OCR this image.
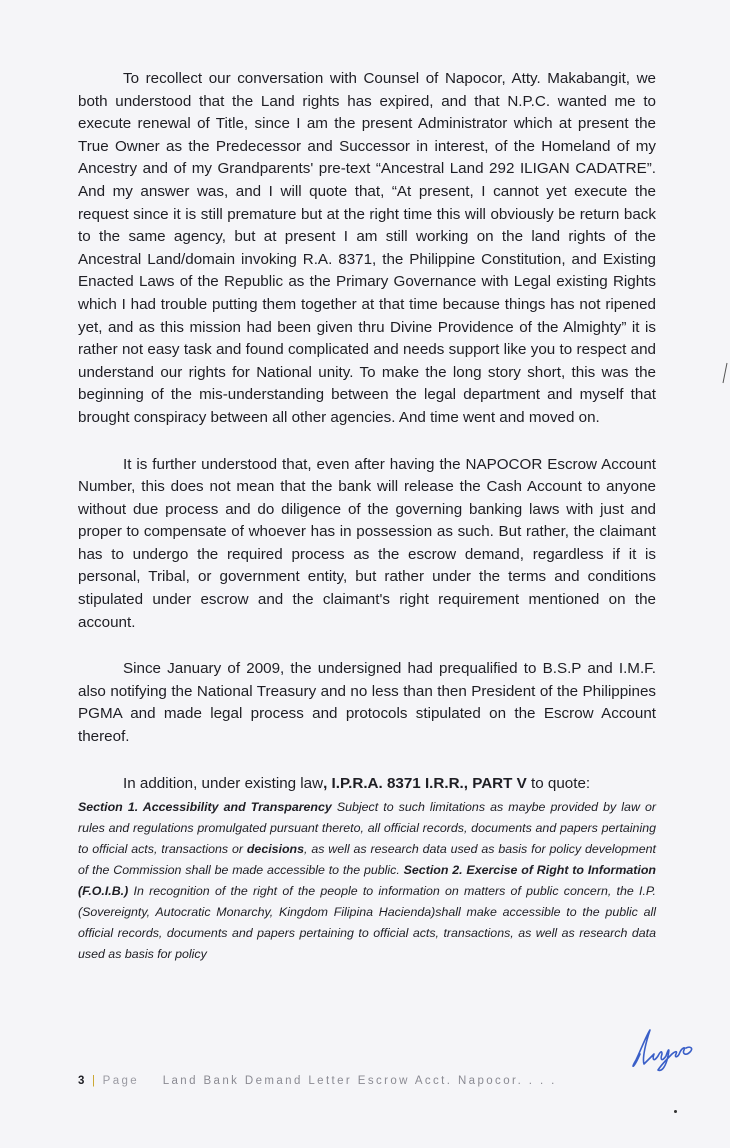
To recollect our conversation with Counsel of Napocor, Atty. Makabangit, we both understood that the Land rights has expired, and that N.P.C. wanted me to execute renewal of Title, since I am the present Administrator which at present the True Owner as the Predecessor and Successor in interest, of the Homeland of my Ancestry and of my Grandparents' pre-text “Ancestral Land 292 ILIGAN CADATRE”. And my answer was, and I will quote that, “At present, I cannot yet execute the request since it is still premature but at the right time this will obviously be return back to the same agency, but at present I am still working on the land rights of the Ancestral Land/domain invoking R.A. 8371, the Philippine Constitution, and Existing Enacted Laws of the Republic as the Primary Governance with Legal existing Rights which I had trouble putting them together at that time because things has not ripened yet, and as this mission had been given thru Divine Providence of the Almighty” it is rather not easy task and found complicated and needs support like you to respect and understand our rights for National unity. To make the long story short, this was the beginning of the mis-understanding between the legal department and myself that brought conspiracy between all other agencies. And time went and moved on.

It is further understood that, even after having the NAPOCOR Escrow Account Number, this does not mean that the bank will release the Cash Account to anyone without due process and do diligence of the governing banking laws with just and proper to compensate of whoever has in possession as such. But rather, the claimant has to undergo the required process as the escrow demand, regardless if it is personal, Tribal, or government entity, but rather under the terms and conditions stipulated under escrow and the claimant's right requirement mentioned on the account.

Since January of 2009, the undersigned had prequalified to B.S.P and I.M.F. also notifying the National Treasury and no less than then President of the Philippines PGMA and made legal process and protocols stipulated on the Escrow Account thereof.

In addition, under existing law, I.P.R.A. 8371 I.R.R., PART V to quote:

Section 1. Accessibility and Transparency Subject to such limitations as maybe provided by law or rules and regulations promulgated pursuant thereto, all official records, documents and papers pertaining to official acts, transactions or decisions, as well as research data used as basis for policy development of the Commission shall be made accessible to the public. Section 2. Exercise of Right to Information (F.O.I.B.) In recognition of the right of the people to information on matters of public concern, the I.P. (Sovereignty, Autocratic Monarchy, Kingdom Filipina Hacienda)shall make accessible to the public all official records, documents and papers pertaining to official acts, transactions, as well as research data used as basis for policy

3 | Page Land Bank Demand Letter Escrow Acct. Napocor. . . .
